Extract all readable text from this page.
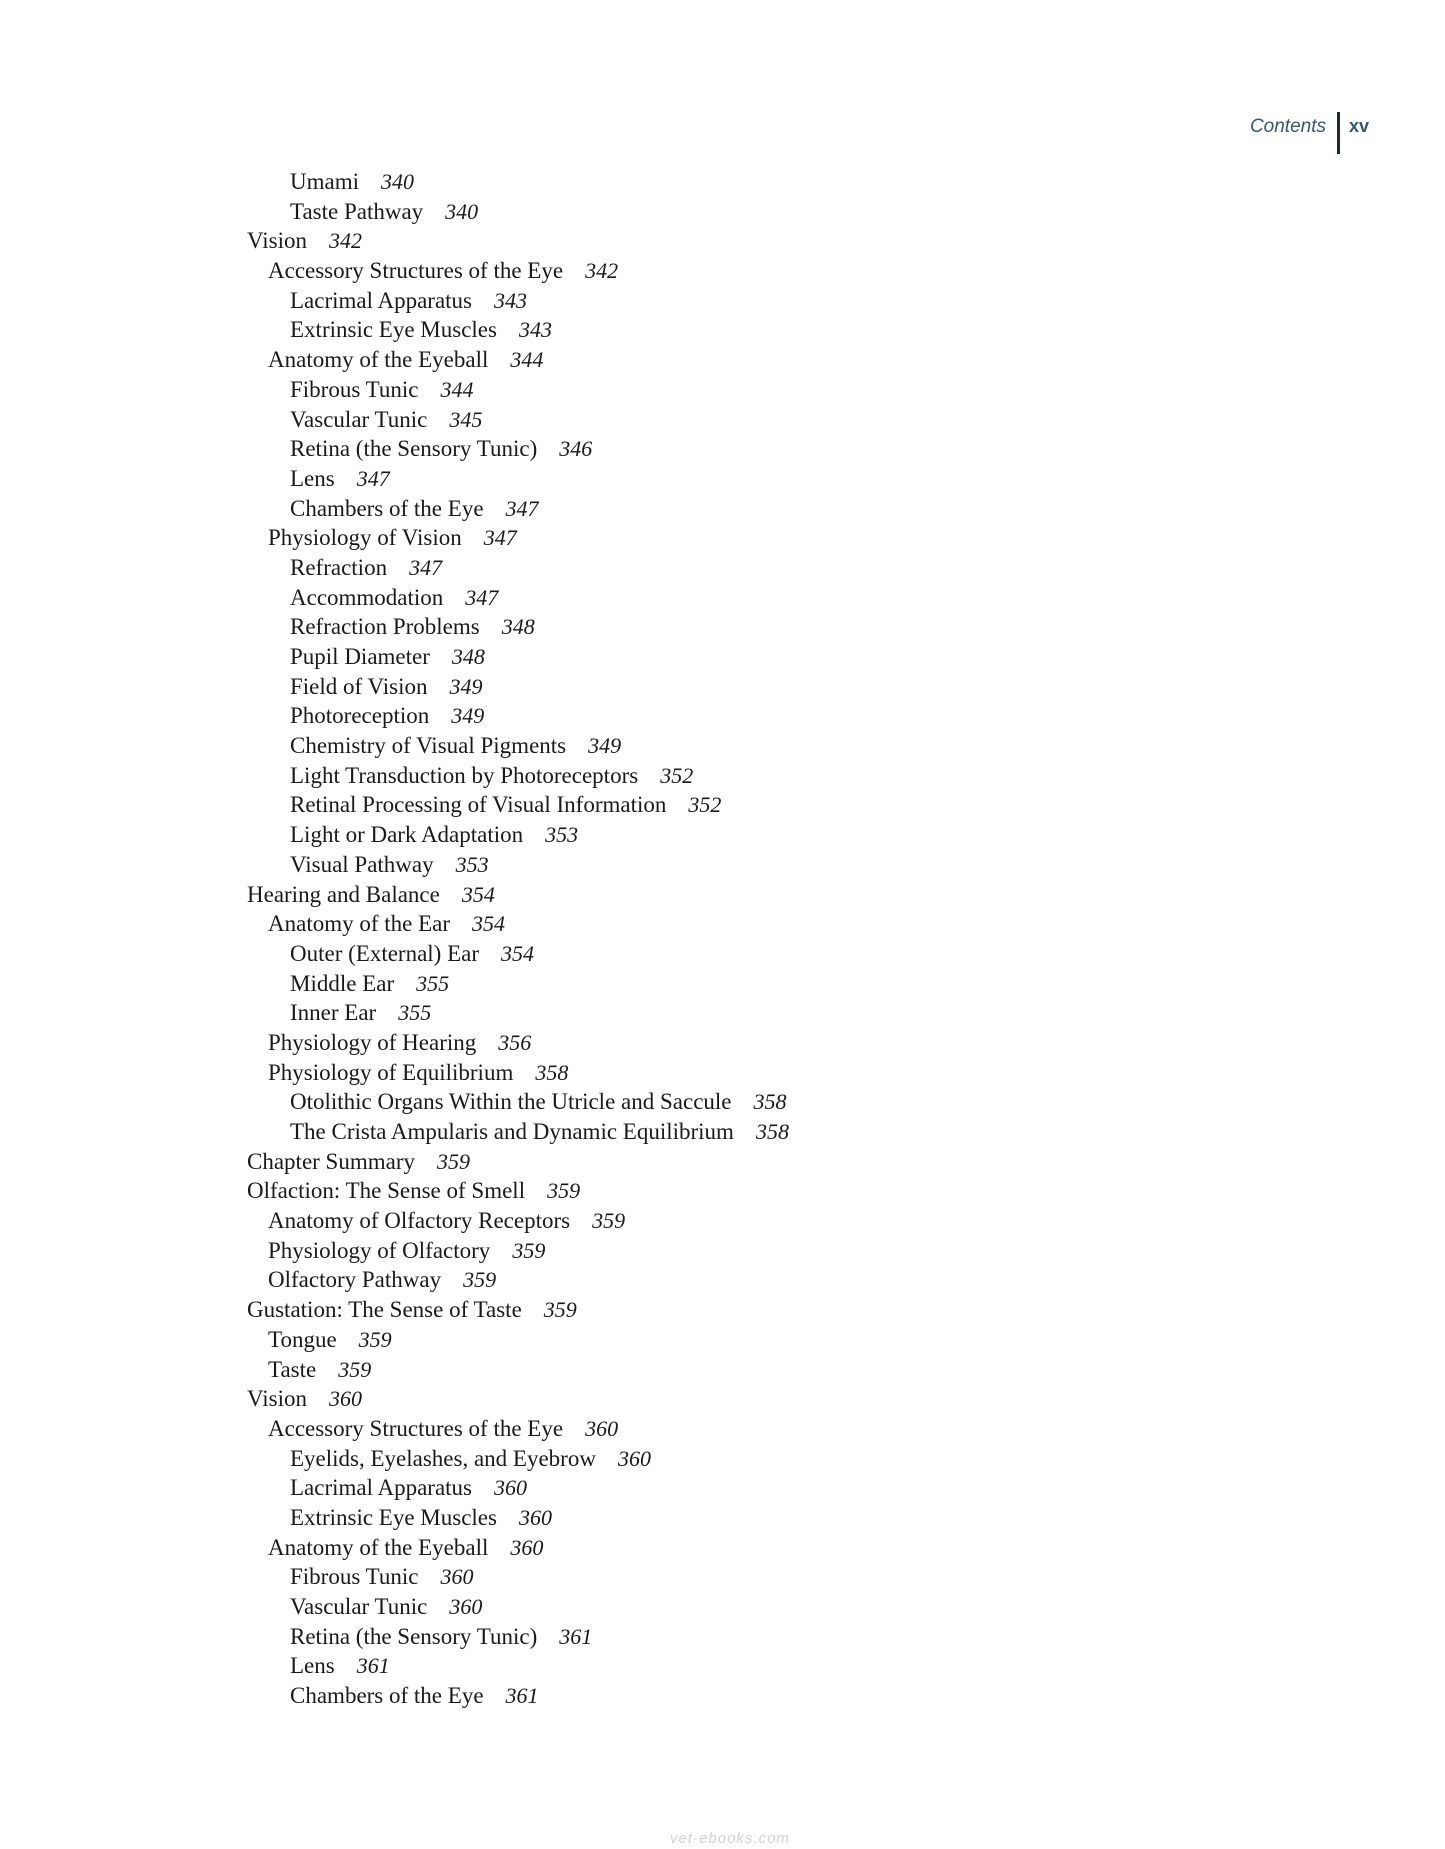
Contents xv
Umami 340
Taste Pathway 340
Vision 342
Accessory Structures of the Eye 342
Lacrimal Apparatus 343
Extrinsic Eye Muscles 343
Anatomy of the Eyeball 344
Fibrous Tunic 344
Vascular Tunic 345
Retina (the Sensory Tunic) 346
Lens 347
Chambers of the Eye 347
Physiology of Vision 347
Refraction 347
Accommodation 347
Refraction Problems 348
Pupil Diameter 348
Field of Vision 349
Photoreception 349
Chemistry of Visual Pigments 349
Light Transduction by Photoreceptors 352
Retinal Processing of Visual Information 352
Light or Dark Adaptation 353
Visual Pathway 353
Hearing and Balance 354
Anatomy of the Ear 354
Outer (External) Ear 354
Middle Ear 355
Inner Ear 355
Physiology of Hearing 356
Physiology of Equilibrium 358
Otolithic Organs Within the Utricle and Saccule 358
The Crista Ampularis and Dynamic Equilibrium 358
Chapter Summary 359
Olfaction: The Sense of Smell 359
Anatomy of Olfactory Receptors 359
Physiology of Olfactory 359
Olfactory Pathway 359
Gustation: The Sense of Taste 359
Tongue 359
Taste 359
Vision 360
Accessory Structures of the Eye 360
Eyelids, Eyelashes, and Eyebrow 360
Lacrimal Apparatus 360
Extrinsic Eye Muscles 360
Anatomy of the Eyeball 360
Fibrous Tunic 360
Vascular Tunic 360
Retina (the Sensory Tunic) 361
Lens 361
Chambers of the Eye 361
vet-ebooks.com
